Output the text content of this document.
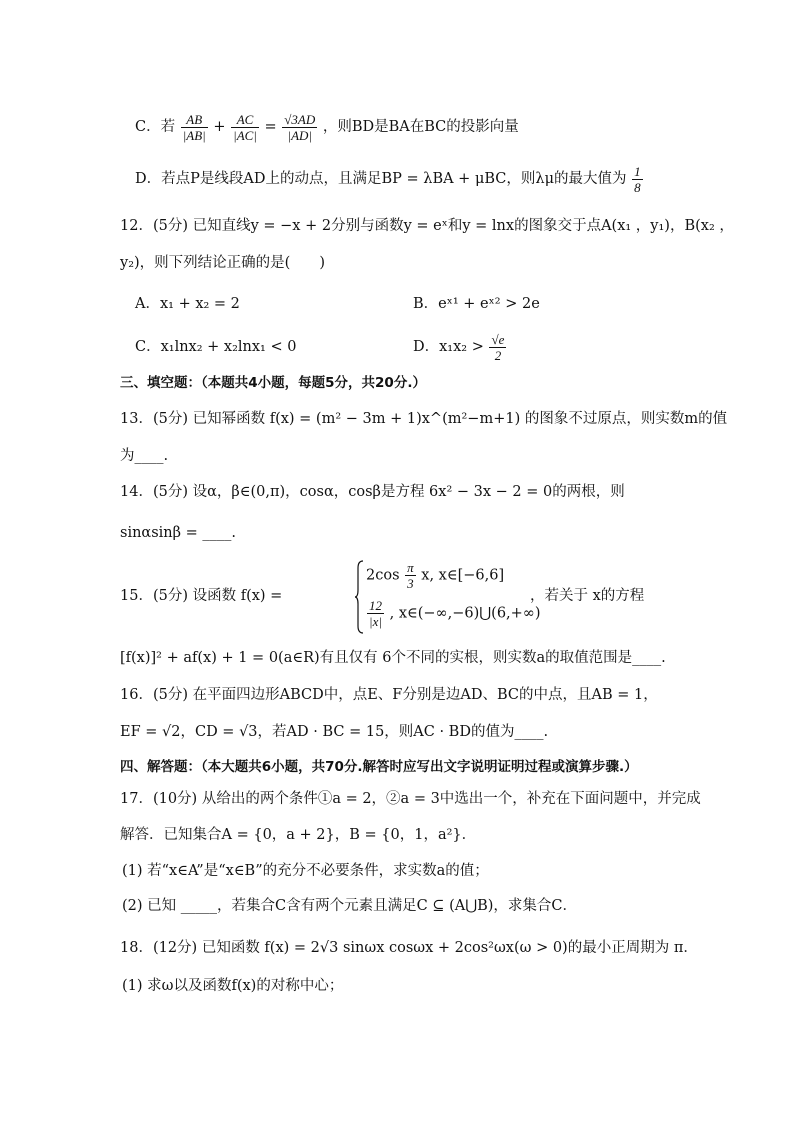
C．若 $\frac{AB}{|AB|} + \frac{AC}{|AC|} = \frac{√3AD}{|AD|}$ ，则BD是BA在BC的投影向量
D．若点P是线段AD上的动点，且满足BP = λBA + μBC，则λμ的最大值为 $\frac{1}{8}$
12．(5分) 已知直线y = −x + 2分别与函数y = eˣ和y = lnx的图象交于点A(x₁ ，y₁)，B(x₂ ，
y₂)，则下列结论正确的是(　　)
A．x₁ + x₂ = 2	B．eˣ¹ + eˣ² > 2e
C．x₁lnx₂ + x₂lnx₁ < 0	D．$x_1x_2 > \frac{√e}{2}$
三、填空题：（本题共4小题，每题5分，共20分.）
13．(5分) 已知幂函数 f(x) = (m² − 3m + 1)x^(m²−m+1) 的图象不过原点，则实数m的值
为____.
14．(5分) 设α，β∈(0,π)，cosα，cosβ是方程 6x² − 3x − 2 = 0的两根，则
sinαsinβ = ____.
15．(5分) 设函数 f(x) =
$2\cos \frac{\pi}{3} x$, x∈[−6,6]
$\frac{12}{|x|}$ , x∈(−∞,−6)⋃(6,+∞)
，若关于 x的方程
[f(x)]² + af(x) + 1 = 0(a∈R)有且仅有 6个不同的实根，则实数a的取值范围是____.
16．(5分) 在平面四边形ABCD中，点E、F分别是边AD、BC的中点，且AB = 1，
EF = √2，CD = √3，若AD · BC = 15，则AC · BD的值为____.
四、解答题：（本大题共6小题，共70分.解答时应写出文字说明证明过程或演算步骤.）
17．(10分) 从给出的两个条件①a = 2，②a = 3中选出一个，补充在下面问题中，并完成
解答．已知集合A = {0，a + 2}，B = {0，1，a²}．
(1) 若“x∈A”是“x∈B”的充分不必要条件，求实数a的值；
(2) 已知 _____，若集合C含有两个元素且满足C ⊆ (A⋃B)，求集合C．
18．(12分) 已知函数 f(x) = 2√3 sinωx cosωx + 2cos²ωx(ω > 0)的最小正周期为 π．
(1) 求ω以及函数f(x)的对称中心；
